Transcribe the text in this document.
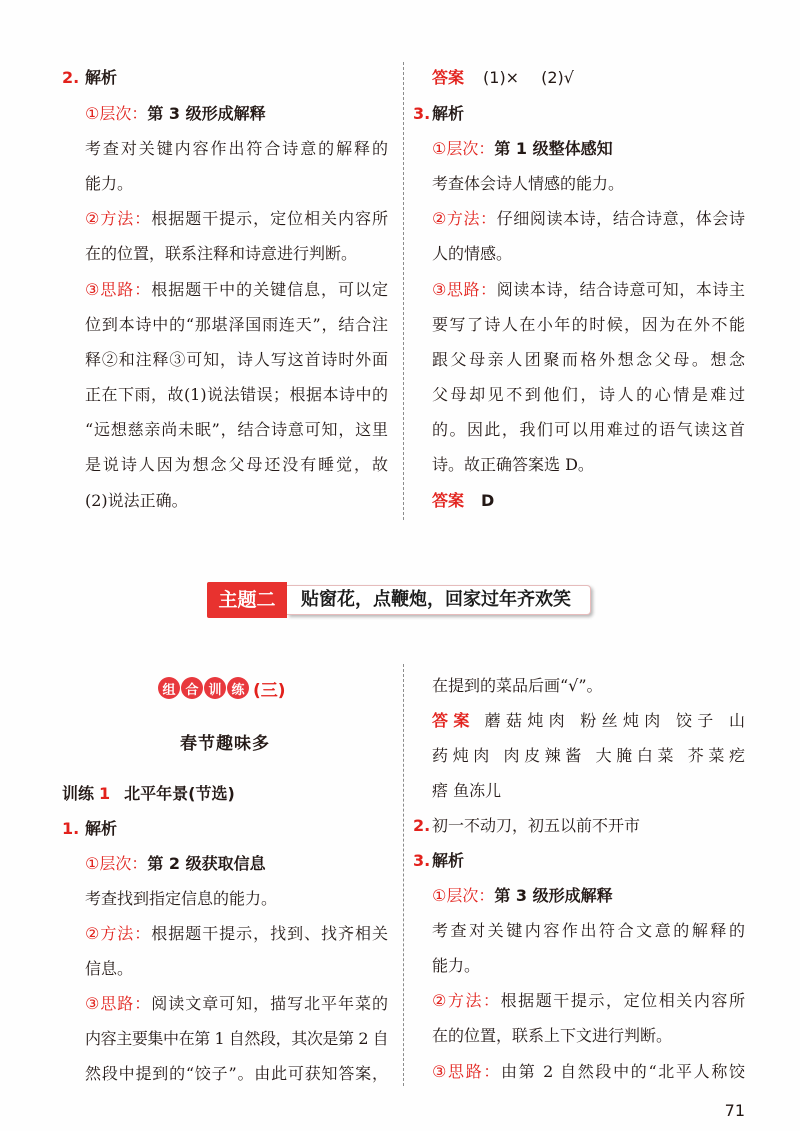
2. 解析
①层次：第 3 级形成解释
考查对关键内容作出符合诗意的解释的
能力。
②方法：根据题干提示，定位相关内容所
在的位置，联系注释和诗意进行判断。
③思路：根据题干中的关键信息，可以定
位到本诗中的“那堪泽国雨连天”，结合注
释②和注释③可知，诗人写这首诗时外面
正在下雨，故(1)说法错误；根据本诗中的
“远想慈亲尚未眠”，结合诗意可知，这里
是说诗人因为想念父母还没有睡觉，故
(2)说法正确。
答案 (1)× (2)√
3. 解析
①层次：第 1 级整体感知
考查体会诗人情感的能力。
②方法：仔细阅读本诗，结合诗意，体会诗
人的情感。
③思路：阅读本诗，结合诗意可知，本诗主
要写了诗人在小年的时候，因为在外不能
跟父母亲人团聚而格外想念父母。想念
父母却见不到他们，诗人的心情是难过
的。因此，我们可以用难过的语气读这首
诗。故正确答案选 D。
答案 D
主题二	贴窗花，点鞭炮，回家过年齐欢笑
组 合 训 练 (三)
春节趣味多
训练 1 北平年景(节选)
1. 解析
①层次：第 2 级获取信息
考查找到指定信息的能力。
②方法：根据题干提示，找到、找齐相关
信息。
③思路：阅读文章可知，描写北平年菜的
内容主要集中在第 1 自然段，其次是第 2 自
然段中提到的“饺子”。由此可获知答案，
在提到的菜品后画“√”。
答案 蘑菇炖肉 粉丝炖肉 饺子 山
药炖肉 肉皮辣酱 大腌白菜 芥菜疙
瘩 鱼冻儿
2. 初一不动刀，初五以前不开市
3. 解析
①层次：第 3 级形成解释
考查对关键内容作出符合文意的解释的
能力。
②方法：根据题干提示，定位相关内容所
在的位置，联系上下文进行判断。
③思路：由第 2 自然段中的“北平人称饺
71
